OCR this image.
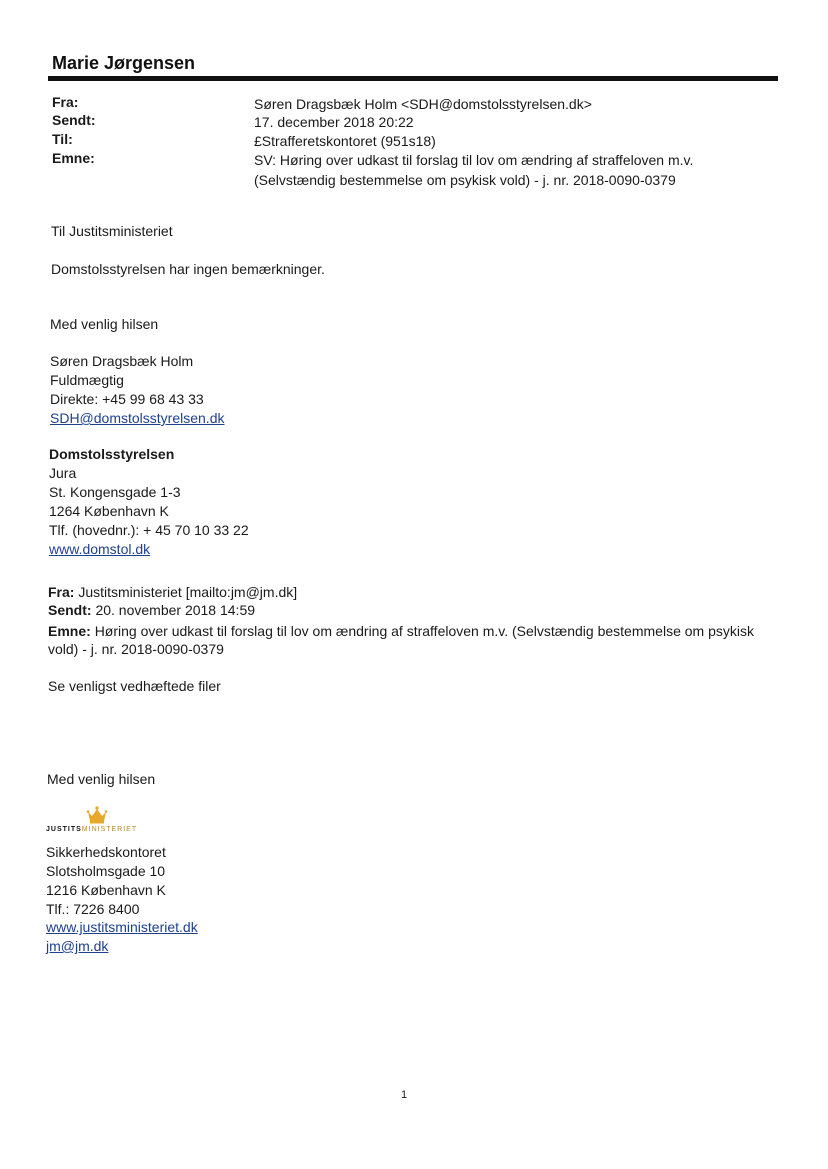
Marie Jørgensen
Fra:	Søren Dragsbæk Holm <SDH@domstolsstyrelsen.dk>
Sendt:	17. december 2018 20:22
Til:	£Strafferetskontoret (951s18)
Emne:	SV: Høring over udkast til forslag til lov om ændring af straffeloven m.v.
(Selvstændig bestemmelse om psykisk vold) - j. nr. 2018-0090-0379
Til Justitsministeriet
Domstolsstyrelsen har ingen bemærkninger.
Med venlig hilsen
Søren Dragsbæk Holm
Fuldmægtig
Direkte: +45 99 68 43 33
SDH@domstolsstyrelsen.dk
Domstolsstyrelsen
Jura
St. Kongensgade 1-3
1264 København K
Tlf. (hovednr.): + 45 70 10 33 22
www.domstol.dk
Fra: Justitsministeriet [mailto:jm@jm.dk]
Sendt: 20. november 2018 14:59
Emne: Høring over udkast til forslag til lov om ændring af straffeloven m.v. (Selvstændig bestemmelse om psykisk
vold) - j. nr. 2018-0090-0379
Se venligst vedhæftede filer
Med venlig hilsen
JUSTITSMINISTERIET
Sikkerhedskontoret
Slotsholmsgade 10
1216 København K
Tlf.: 7226 8400
www.justitsministeriet.dk
jm@jm.dk
1
